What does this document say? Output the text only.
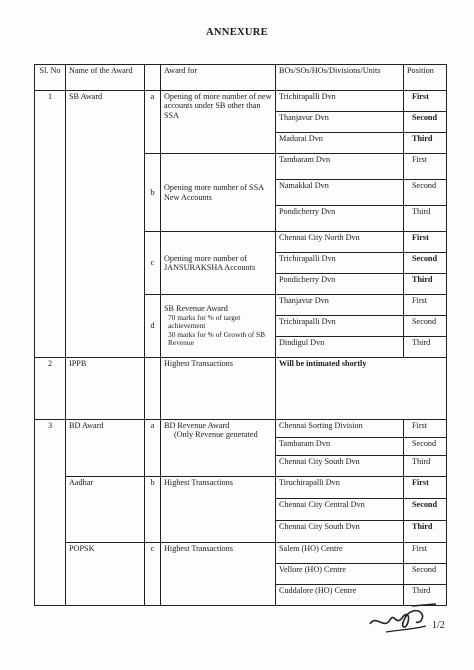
ANNEXURE
Sl. No	Name of the Award		Award for	BOs/SOs/HOs/Divisions/Units	Position
1	SB Award	a	Opening of more number of new accounts under SB other than SSA	Trichirapalli Dvn	First
				Thanjavur Dvn	Second
				Madurai Dvn	Third
		b	Opening more number of SSA New Accounts	Tambaram Dvn	First
				Namakkal Dvn	Second
				Pondicherry Dvn	Third
		c	Opening more number of JANSURAKSHA Accounts	Chennai City North Dvn	First
				Trichirapalli Dvn	Second
				Pondicherry Dvn	Third
		d	SB Revenue Award
70 marks for % of target achievement
30 marks for % of Growth of SB Revenue	Thanjavur Dvn	First
				Trichirapalli Dvn	Second
				Dindigul Dvn	Third
2	IPPB		Highest Transactions	Will be intimated shortly	
3	BD Award	a	BD Revenue Award
(Only Revenue generated	Chennai Sorting Division	First
				Tambaram Dvn	Second
				Chennai City South Dvn	Third
	Aadhar	b	Highest Transactions	Tiruchirapalli Dvn	First
				Chennai City Central Dvn	Second
				Chennai City South Dvn	Third
	POPSK	c	Highest Transactions	Salem (HO) Centre	First
				Vellore (HO) Centre	Second
				Cuddalore (HO) Centre	Third
1/2
